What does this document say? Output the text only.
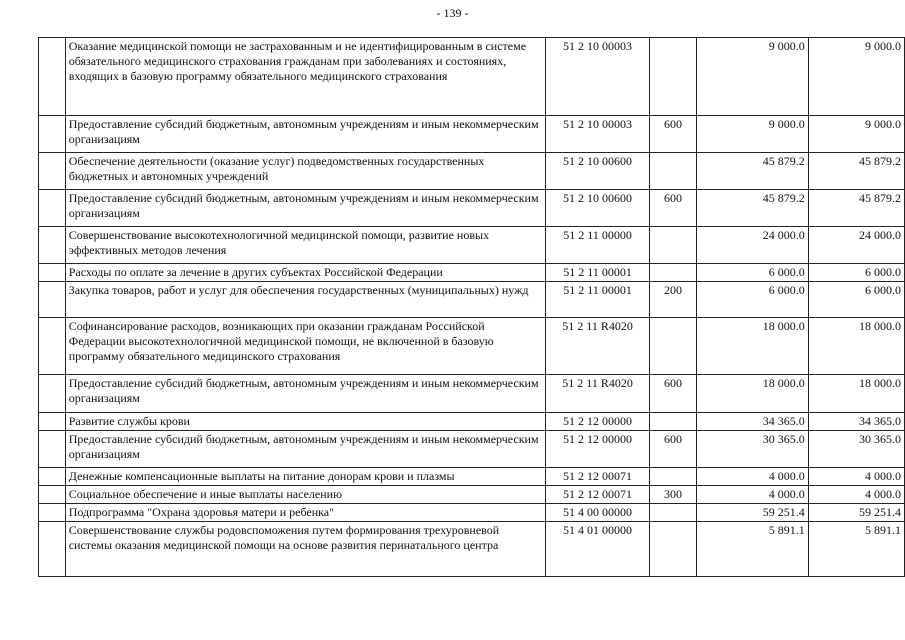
- 139 -
	Оказание медицинской помощи не застрахованным и не идентифицированным в системе обязательного медицинского страхования гражданам при заболеваниях и состояниях, входящих в базовую программу обязательного медицинского страхования	51 2 10 00003		9 000.0	9 000.0
	Предоставление субсидий бюджетным, автономным учреждениям и иным некоммерческим организациям	51 2 10 00003	600	9 000.0	9 000.0
	Обеспечение деятельности (оказание услуг) подведомственных государственных бюджетных и автономных учреждений	51 2 10 00600		45 879.2	45 879.2
	Предоставление субсидий бюджетным, автономным учреждениям и иным некоммерческим организациям	51 2 10 00600	600	45 879.2	45 879.2
	Совершенствование высокотехнологичной медицинской помощи, развитие новых эффективных методов лечения	51 2 11 00000		24 000.0	24 000.0
	Расходы по оплате за лечение в других субъектах Российской Федерации	51 2 11 00001		6 000.0	6 000.0
	Закупка товаров, работ и услуг для обеспечения государственных (муниципальных) нужд	51 2 11 00001	200	6 000.0	6 000.0
	Софинансирование расходов, возникающих при оказании гражданам Российской Федерации высокотехнологичной медицинской помощи, не включенной в базовую программу обязательного медицинского страхования	51 2 11 R4020		18 000.0	18 000.0
	Предоставление субсидий бюджетным, автономным учреждениям и иным некоммерческим организациям	51 2 11 R4020	600	18 000.0	18 000.0
	Развитие службы крови	51 2 12 00000		34 365.0	34 365.0
	Предоставление субсидий бюджетным, автономным учреждениям и иным некоммерческим организациям	51 2 12 00000	600	30 365.0	30 365.0
	Денежные компенсационные выплаты на питание донорам крови и плазмы	51 2 12 00071		4 000.0	4 000.0
	Социальное обеспечение и иные выплаты населению	51 2 12 00071	300	4 000.0	4 000.0
	Подпрограмма "Охрана здоровья матери и ребенка"	51 4 00 00000		59 251.4	59 251.4
	Совершенствование службы родовспоможения путем формирования трехуровневой системы оказания медицинской помощи на основе развития перинатального центра	51 4 01 00000		5 891.1	5 891.1
